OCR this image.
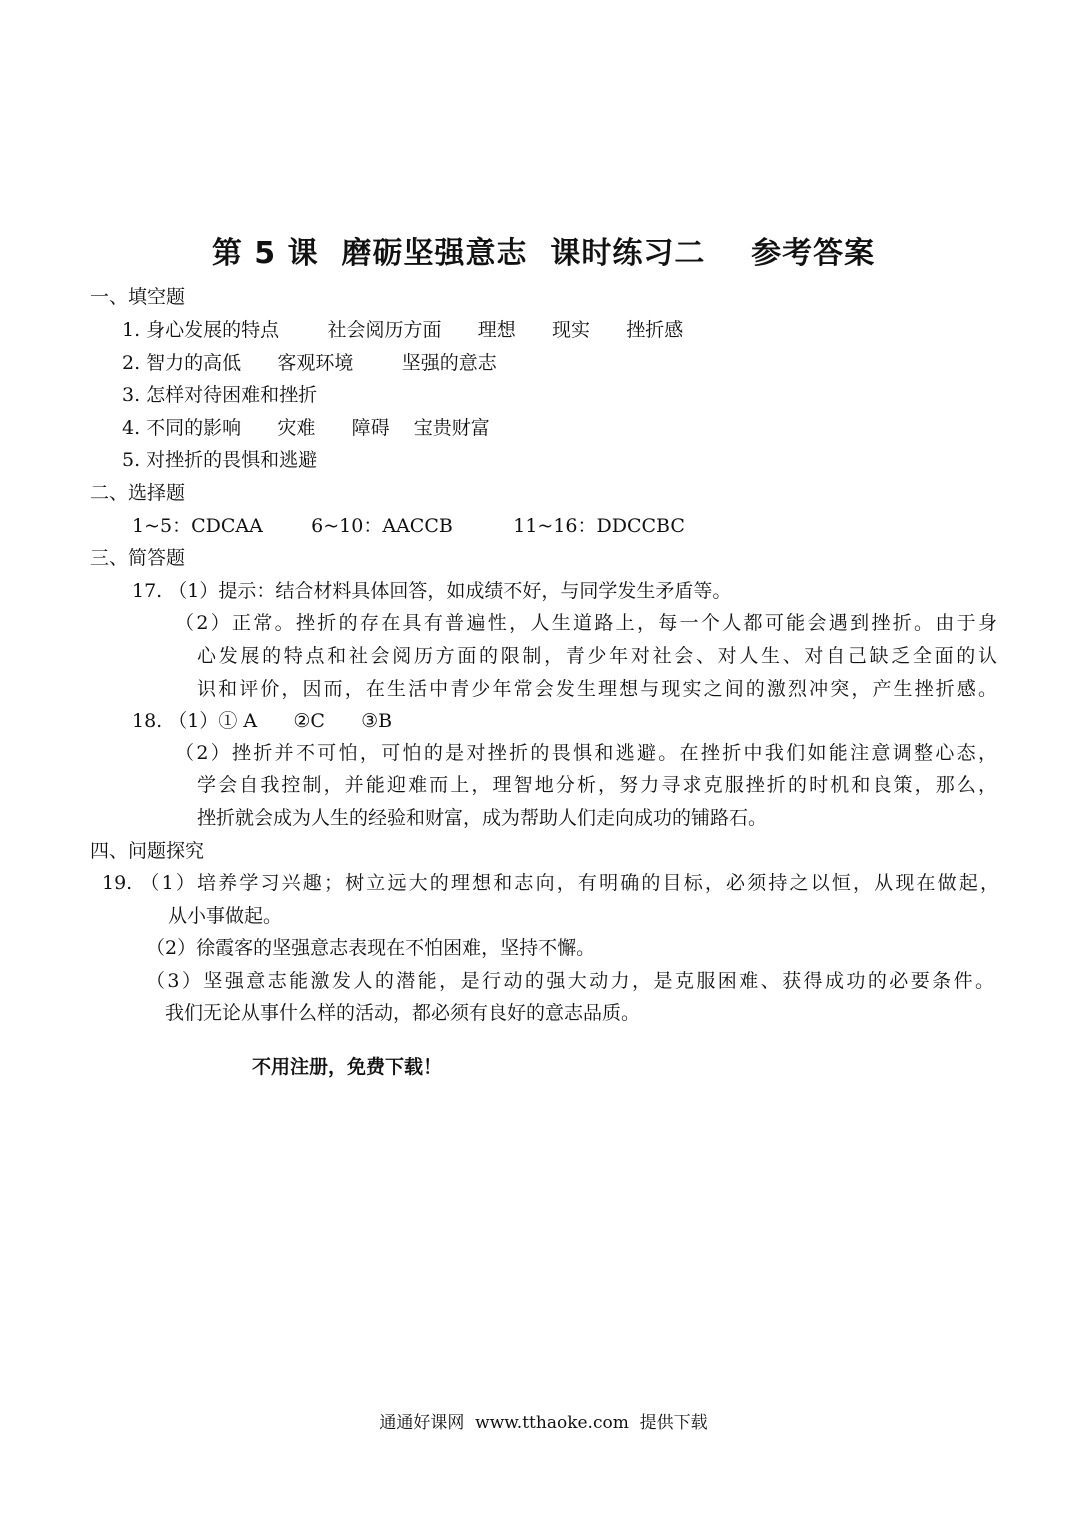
第 5 课  磨砺坚强意志  课时练习二    参考答案
一、填空题
1. 身心发展的特点        社会阅历方面      理想      现实      挫折感
2. 智力的高低      客观环境        坚强的意志
3. 怎样对待困难和挫折
4. 不同的影响      灾难      障碍    宝贵财富
5. 对挫折的畏惧和逃避
二、选择题
1~5：CDCAA        6~10：AACCB          11~16：DDCCBC
三、简答题
17. （1）提示：结合材料具体回答，如成绩不好，与同学发生矛盾等。
（2）正常。挫折的存在具有普遍性，人生道路上，每一个人都可能会遇到挫折。由于身
心发展的特点和社会阅历方面的限制，青少年对社会、对人生、对自己缺乏全面的认
识和评价，因而，在生活中青少年常会发生理想与现实之间的激烈冲突，产生挫折感。
18. （1）① A      ②C      ③B
（2）挫折并不可怕，可怕的是对挫折的畏惧和逃避。在挫折中我们如能注意调整心态，
学会自我控制，并能迎难而上，理智地分析，努力寻求克服挫折的时机和良策，那么，
挫折就会成为人生的经验和财富，成为帮助人们走向成功的铺路石。
四、问题探究
19. （1）培养学习兴趣；树立远大的理想和志向，有明确的目标，必须持之以恒，从现在做起，
从小事做起。
（2）徐霞客的坚强意志表现在不怕困难，坚持不懈。
（3）坚强意志能激发人的潜能，是行动的强大动力，是克服困难、获得成功的必要条件。
我们无论从事什么样的活动，都必须有良好的意志品质。
不用注册，免费下载！
通通好课网  www.tthaoke.com  提供下载
